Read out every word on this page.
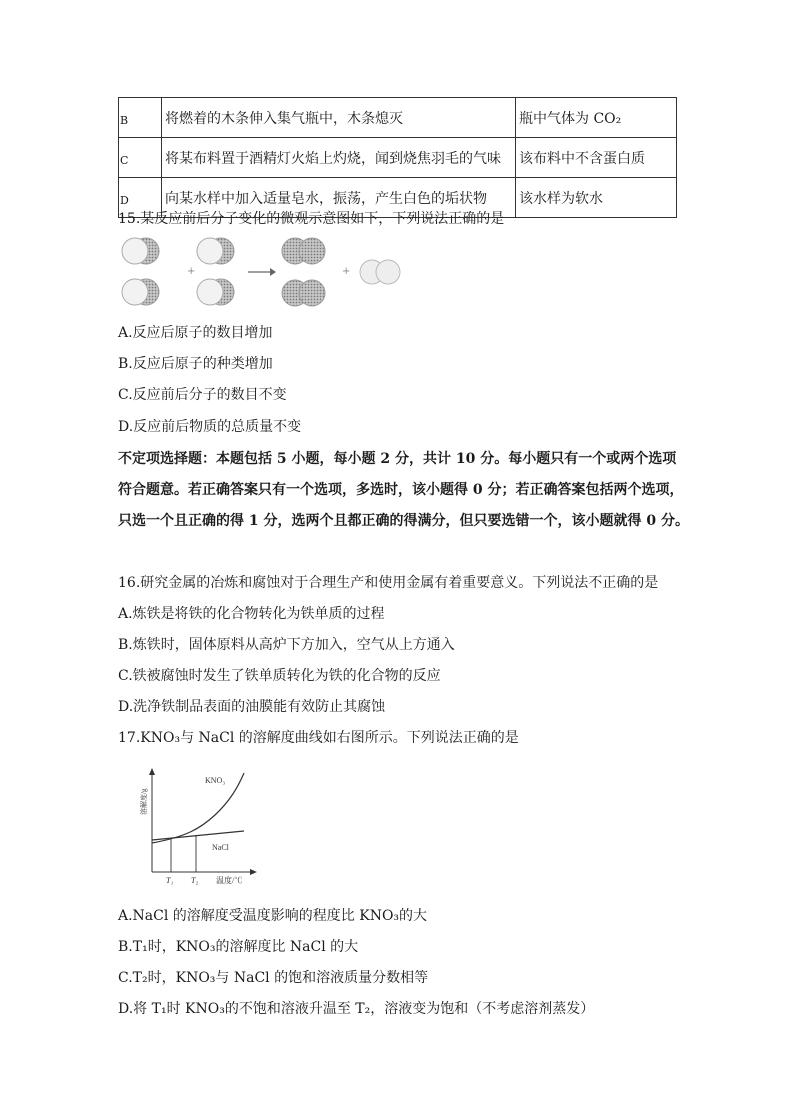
B	将燃着的木条伸入集气瓶中，木条熄灭	瓶中气体为 CO₂
C	将某布料置于酒精灯火焰上灼烧，闻到烧焦羽毛的气味	该布料中不含蛋白质
D	向某水样中加入适量皂水，振荡，产生白色的垢状物	该水样为软水
15.某反应前后分子变化的微观示意图如下，下列说法正确的是
+	+
A.反应后原子的数目增加
B.反应后原子的种类增加
C.反应前后分子的数目不变
D.反应前后物质的总质量不变
不定项选择题：本题包括 5 小题，每小题 2 分，共计 10 分。每小题只有一个或两个选项
符合题意。若正确答案只有一个选项，多选时，该小题得 0 分；若正确答案包括两个选项，
只选一个且正确的得 1 分，选两个且都正确的得满分，但只要选错一个，该小题就得 0 分。
16.研究金属的冶炼和腐蚀对于合理生产和使用金属有着重要意义。下列说法不正确的是
A.炼铁是将铁的化合物转化为铁单质的过程
B.炼铁时，固体原料从高炉下方加入，空气从上方通入
C.铁被腐蚀时发生了铁单质转化为铁的化合物的反应
D.洗净铁制品表面的油膜能有效防止其腐蚀
17.KNO₃与 NaCl 的溶解度曲线如右图所示。下列说法正确的是
KNO₃
NaCl
T₁ T₂ 温度/℃
溶解度/g
A.NaCl 的溶解度受温度影响的程度比 KNO₃的大
B.T₁时，KNO₃的溶解度比 NaCl 的大
C.T₂时，KNO₃与 NaCl 的饱和溶液质量分数相等
D.将 T₁时 KNO₃的不饱和溶液升温至 T₂，溶液变为饱和（不考虑溶剂蒸发）
